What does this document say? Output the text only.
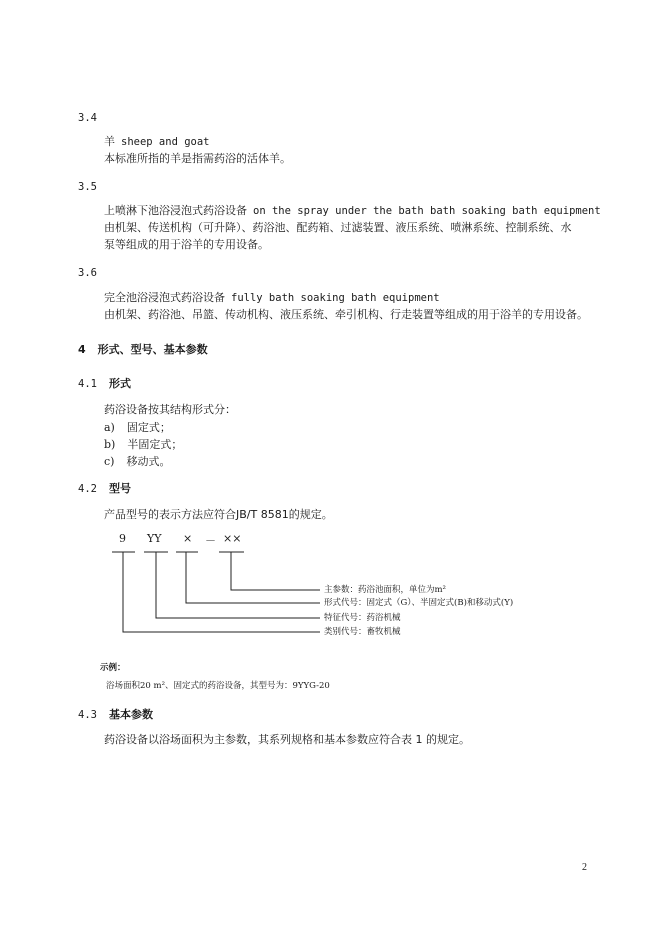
3.4
羊 sheep and goat
本标准所指的羊是指需药浴的活体羊。
3.5
上喷淋下池浴浸泡式药浴设备 on the spray under the bath bath soaking bath equipment
由机架、传送机构（可升降）、药浴池、配药箱、过滤装置、液压系统、喷淋系统、控制系统、水
泵等组成的用于浴羊的专用设备。
3.6
完全池浴浸泡式药浴设备 fully bath soaking bath equipment
由机架、药浴池、吊篮、传动机构、液压系统、牵引机构、行走装置等组成的用于浴羊的专用设备。
4 形式、型号、基本参数
4.1 形式
药浴设备按其结构形式分：
a) 固定式；
b) 半固定式；
c) 移动式。
4.2 型号
产品型号的表示方法应符合JB/T 8581的规定。
9 YY × － ××
主参数：药浴池面积，单位为m²
形式代号：固定式（G）、半固定式(B)和移动式(Y)
特征代号：药浴机械
类别代号：畜牧机械
示例：
浴场面积20 m²、固定式的药浴设备，其型号为：9YYG-20
4.3 基本参数
药浴设备以浴场面积为主参数，其系列规格和基本参数应符合表 1 的规定。
2
